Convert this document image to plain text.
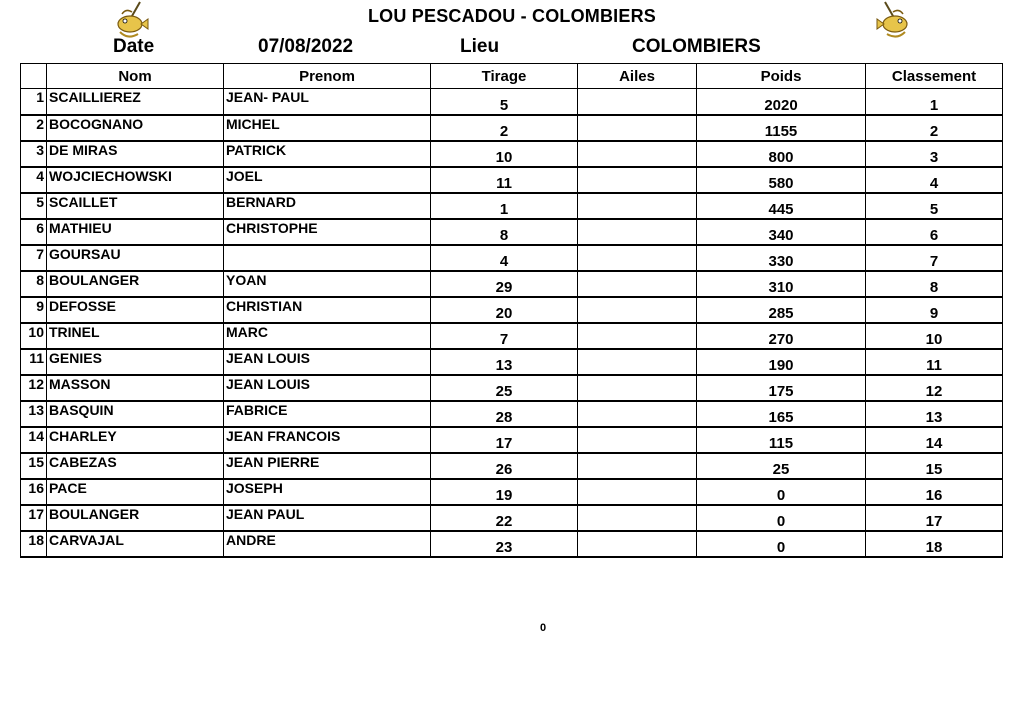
LOU PESCADOU - COLOMBIERS
Date	07/08/2022	Lieu	COLOMBIERS
	Nom	Prenom	Tirage	Ailes	Poids	Classement
1	SCAILLIEREZ	JEAN- PAUL	5		2020	1
2	BOCOGNANO	MICHEL	2		1155	2
3	DE MIRAS	PATRICK	10		800	3
4	WOJCIECHOWSKI	JOEL	11		580	4
5	SCAILLET	BERNARD	1		445	5
6	MATHIEU	CHRISTOPHE	8		340	6
7	GOURSAU		4		330	7
8	BOULANGER	YOAN	29		310	8
9	DEFOSSE	CHRISTIAN	20		285	9
10	TRINEL	MARC	7		270	10
11	GENIES	JEAN LOUIS	13		190	11
12	MASSON	JEAN LOUIS	25		175	12
13	BASQUIN	FABRICE	28		165	13
14	CHARLEY	JEAN FRANCOIS	17		115	14
15	CABEZAS	JEAN PIERRE	26		25	15
16	PACE	JOSEPH	19		0	16
17	BOULANGER	JEAN PAUL	22		0	17
18	CARVAJAL	ANDRE	23		0	18
0
